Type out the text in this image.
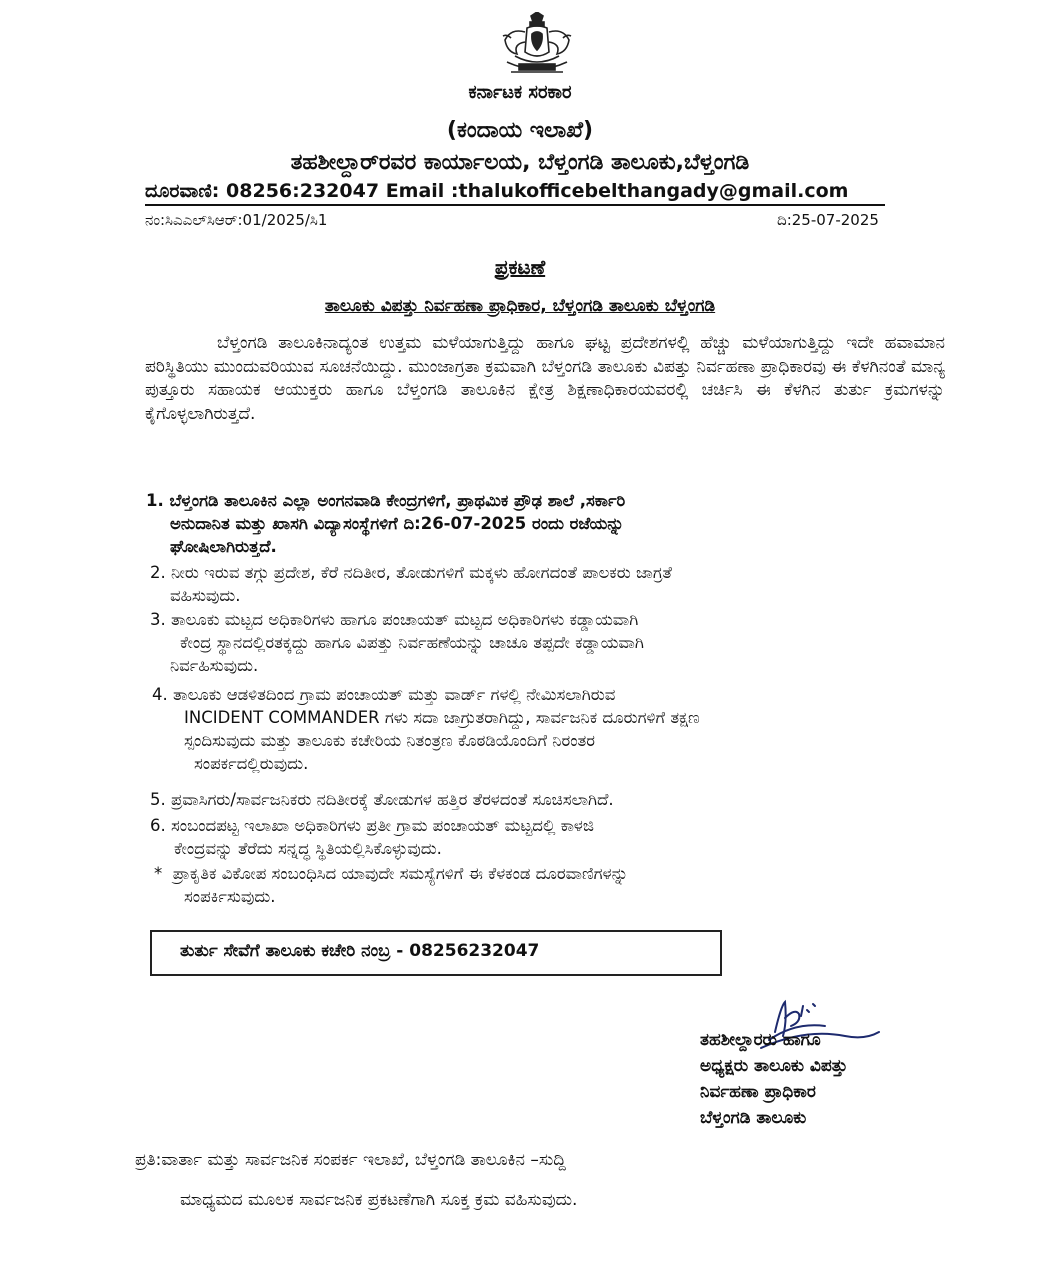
ಕರ್ನಾಟಕ ಸರಕಾರ
(ಕಂದಾಯ ಇಲಾಖೆ)
ತಹಶೀಲ್ದಾರ್‌ರವರ ಕಾರ್ಯಾಲಯ, ಬೆಳ್ತಂಗಡಿ ತಾಲೂಕು,ಬೆಳ್ತಂಗಡಿ
ದೂರವಾಣಿ: 08256:232047 Email :thalukofficebelthangady@gmail.com
ನಂ:ಸಿಎಎಲ್‌ಸಿಆರ್:01/2025/ಸಿ1	ದಿ:25-07-2025
ಪ್ರಕಟಣೆ
ತಾಲೂಕು ವಿಪತ್ತು ನಿರ್ವಹಣಾ ಪ್ರಾಧಿಕಾರ, ಬೆಳ್ತಂಗಡಿ ತಾಲೂಕು ಬೆಳ್ತಂಗಡಿ
ಬೆಳ್ತಂಗಡಿ ತಾಲೂಕಿನಾದ್ಯಂತ ಉತ್ತಮ ಮಳೆಯಾಗುತ್ತಿದ್ದು ಹಾಗೂ ಘಟ್ಟ ಪ್ರದೇಶಗಳಲ್ಲಿ ಹೆಚ್ಚು ಮಳೆಯಾಗುತ್ತಿದ್ದು ಇದೇ ಹವಾಮಾನ ಪರಿಸ್ಥಿತಿಯು ಮುಂದುವರಿಯುವ ಸೂಚನೆಯಿದ್ದು. ಮುಂಜಾಗ್ರತಾ ಕ್ರಮವಾಗಿ ಬೆಳ್ತಂಗಡಿ ತಾಲೂಕು ವಿಪತ್ತು ನಿರ್ವಹಣಾ ಪ್ರಾಧಿಕಾರವು ಈ ಕೆಳಗಿನಂತೆ ಮಾನ್ಯ ಪುತ್ತೂರು ಸಹಾಯಕ ಆಯುಕ್ತರು ಹಾಗೂ ಬೆಳ್ತಂಗಡಿ ತಾಲೂಕಿನ ಕ್ಷೇತ್ರ ಶಿಕ್ಷಣಾಧಿಕಾರಯವರಲ್ಲಿ ಚರ್ಚಿಸಿ ಈ ಕೆಳಗಿನ ತುರ್ತು ಕ್ರಮಗಳನ್ನು ಕೈಗೊಳ್ಳಲಾಗಿರುತ್ತದೆ.
1. ಬೆಳ್ತಂಗಡಿ ತಾಲೂಕಿನ ಎಲ್ಲಾ ಅಂಗನವಾಡಿ ಕೇಂದ್ರಗಳಿಗೆ, ಪ್ರಾಥಮಿಕ ಪ್ರೌಢ ಶಾಲೆ ,ಸರ್ಕಾರಿ
ಅನುದಾನಿತ ಮತ್ತು ಖಾಸಗಿ ವಿದ್ಯಾಸಂಸ್ಥೆಗಳಿಗೆ ದಿ:26-07-2025 ರಂದು ರಜೆಯನ್ನು
ಘೋಷಿಲಾಗಿರುತ್ತದೆ.
2. ನೀರು ಇರುವ ತಗ್ಗು ಪ್ರದೇಶ, ಕೆರೆ ನದಿತೀರ, ತೋಡುಗಳಿಗೆ ಮಕ್ಕಳು ಹೋಗದಂತೆ ಪಾಲಕರು ಜಾಗ್ರತೆ
ವಹಿಸುವುದು.
3. ತಾಲೂಕು ಮಟ್ಟದ ಅಧಿಕಾರಿಗಳು ಹಾಗೂ ಪಂಚಾಯತ್ ಮಟ್ಟದ ಅಧಿಕಾರಿಗಳು ಕಡ್ಡಾಯವಾಗಿ
ಕೇಂದ್ರ ಸ್ಥಾನದಲ್ಲಿರತಕ್ಕದ್ದು ಹಾಗೂ ವಿಪತ್ತು ನಿರ್ವಹಣೆಯನ್ನು ಚಾಚೂ ತಪ್ಪದೇ ಕಡ್ಡಾಯವಾಗಿ
ನಿರ್ವಹಿಸುವುದು.
4. ತಾಲೂಕು ಆಡಳಿತದಿಂದ ಗ್ರಾಮ ಪಂಚಾಯತ್ ಮತ್ತು ವಾರ್ಡ್ ಗಳಲ್ಲಿ ನೇಮಿಸಲಾಗಿರುವ
INCIDENT COMMANDER ಗಳು ಸದಾ ಜಾಗ್ರುತರಾಗಿದ್ದು, ಸಾರ್ವಜನಿಕ ದೂರುಗಳಿಗೆ ತಕ್ಷಣ
ಸ್ಪಂದಿಸುವುದು ಮತ್ತು ತಾಲೂಕು ಕಚೇರಿಯ ನಿತಂತ್ರಣ ಕೊಠಡಿಯೊಂದಿಗೆ ನಿರಂತರ
ಸಂಪರ್ಕದಲ್ಲಿರುವುದು.
5. ಪ್ರವಾಸಿಗರು/ಸಾರ್ವಜನಿಕರು ನದಿತೀರಕ್ಕೆ ತೋಡುಗಳ ಹತ್ತಿರ ತೆರಳದಂತೆ ಸೂಚಿಸಲಾಗಿದೆ.
6. ಸಂಬಂದಪಟ್ಟ ಇಲಾಖಾ ಅಧಿಕಾರಿಗಳು ಪ್ರತೀ ಗ್ರಾಮ ಪಂಚಾಯತ್ ಮಟ್ಟದಲ್ಲಿ ಕಾಳಜಿ
ಕೇಂದ್ರವನ್ನು ತೆರೆದು ಸನ್ನದ್ಧ ಸ್ಥಿತಿಯಲ್ಲಿಸಿಕೊಳ್ಳುವುದು.
* ಪ್ರಾಕೃತಿಕ ವಿಕೋಪ ಸಂಬಂಧಿಸಿದ ಯಾವುದೇ ಸಮಸ್ಯೆಗಳಿಗೆ ಈ ಕೆಳಕಂಡ ದೂರವಾಣಿಗಳನ್ನು
ಸಂಪರ್ಕಿಸುವುದು.
ತುರ್ತು ಸೇವೆಗೆ ತಾಲೂಕು ಕಚೇರಿ ನಂಬ್ರ - 08256232047
ತಹಶೀಲ್ದಾರರು ಹಾಗೂ
ಅಧ್ಯಕ್ಷರು ತಾಲೂಕು ವಿಪತ್ತು
ನಿರ್ವಹಣಾ ಪ್ರಾಧಿಕಾರ
ಬೆಳ್ತಂಗಡಿ ತಾಲೂಕು
ಪ್ರತಿ:ವಾರ್ತಾ ಮತ್ತು ಸಾರ್ವಜನಿಕ ಸಂಪರ್ಕ ಇಲಾಖೆ, ಬೆಳ್ತಂಗಡಿ ತಾಲೂಕಿನ –ಸುದ್ದಿ
ಮಾಧ್ಯಮದ ಮೂಲಕ ಸಾರ್ವಜನಿಕ ಪ್ರಕಟಣೆಗಾಗಿ ಸೂಕ್ತ ಕ್ರಮ ವಹಿಸುವುದು.
